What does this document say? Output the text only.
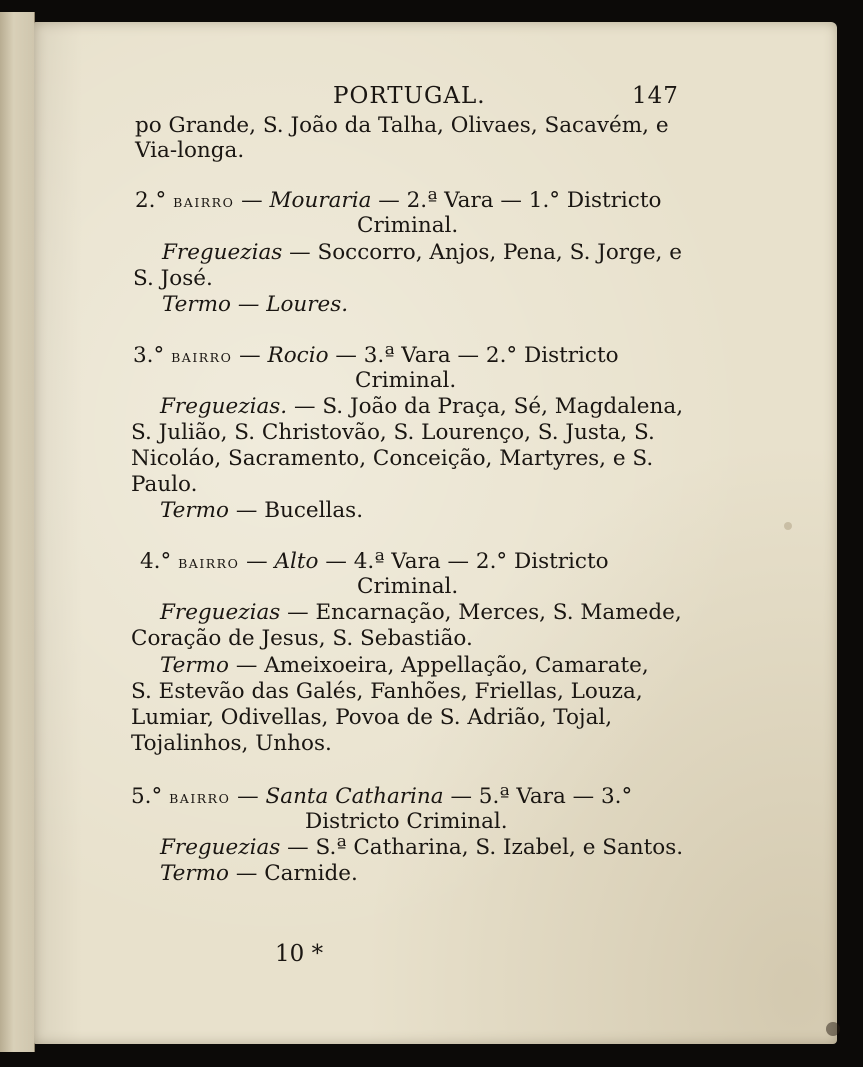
PORTUGAL.	147
po Grande, S. João da Talha, Olivaes, Sacavém, e
Via-longa.
2.° BAIRRO — Mouraria — 2.ª Vara — 1.° Districto
Criminal.
Freguezias — Soccorro, Anjos, Pena, S. Jorge, e
S. José.
Termo — Loures.
3.° BAIRRO — Rocio — 3.ª Vara — 2.° Districto
Criminal.
Freguezias. — S. João da Praça, Sé, Magdalena,
S. Julião, S. Christovão, S. Lourenço, S. Justa, S.
Nicoláo, Sacramento, Conceição, Martyres, e S.
Paulo.
Termo — Bucellas.
4.° BAIRRO — Alto — 4.ª Vara — 2.° Districto
Criminal.
Freguezias — Encarnação, Merces, S. Mamede,
Coração de Jesus, S. Sebastião.
Termo — Ameixoeira, Appellação, Camarate,
S. Estevão das Galés, Fanhões, Friellas, Louza,
Lumiar, Odivellas, Povoa de S. Adrião, Tojal,
Tojalinhos, Unhos.
5.° BAIRRO — Santa Catharina — 5.ª Vara — 3.°
Districto Criminal.
Freguezias — S.ª Catharina, S. Izabel, e Santos.
Termo — Carnide.
10 *
